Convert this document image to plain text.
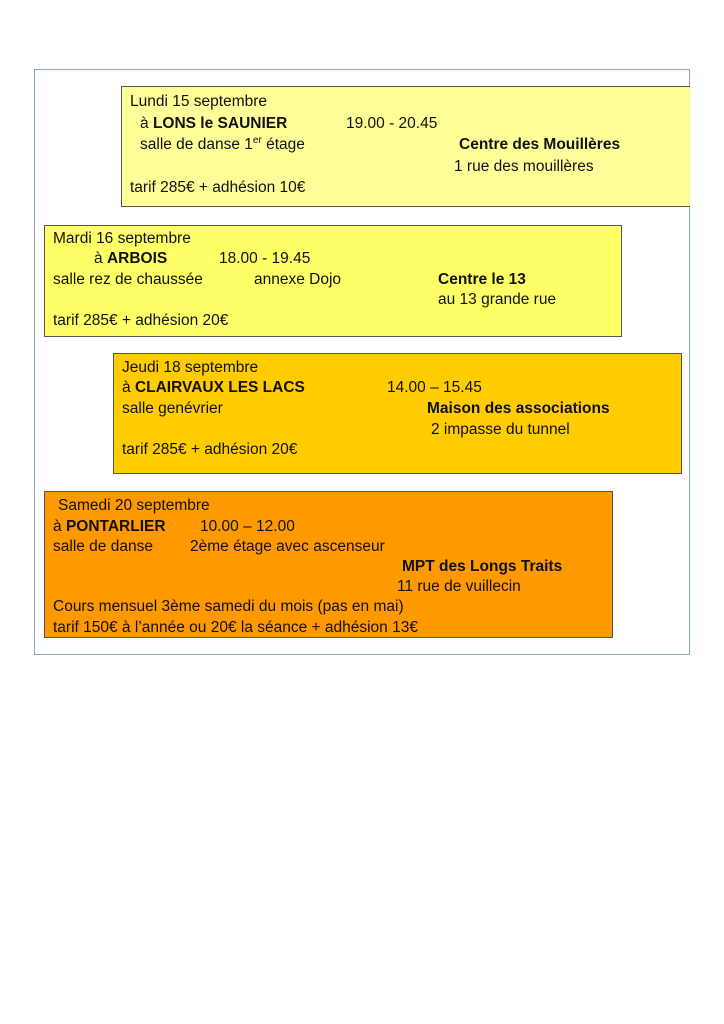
Lundi 15 septembre
à LONS le SAUNIER	19.00 - 20.45
salle de danse 1er étage	Centre des Mouillères
1 rue des mouillères
tarif 285€ + adhésion 10€
Mardi 16 septembre
à ARBOIS	18.00 - 19.45
salle rez de chaussée	annexe Dojo	Centre le 13
au 13 grande rue
tarif 285€ + adhésion 20€
Jeudi 18 septembre
à CLAIRVAUX LES LACS	14.00 – 15.45
salle genévrier	Maison des associations
2 impasse du tunnel
tarif 285€ + adhésion 20€
Samedi 20 septembre
à PONTARLIER 10.00 – 12.00
salle de danse 2ème étage avec ascenseur
MPT des Longs Traits
11 rue de vuillecin
Cours mensuel 3ème samedi du mois (pas en mai)
tarif 150€ à l’année ou 20€ la séance + adhésion 13€
